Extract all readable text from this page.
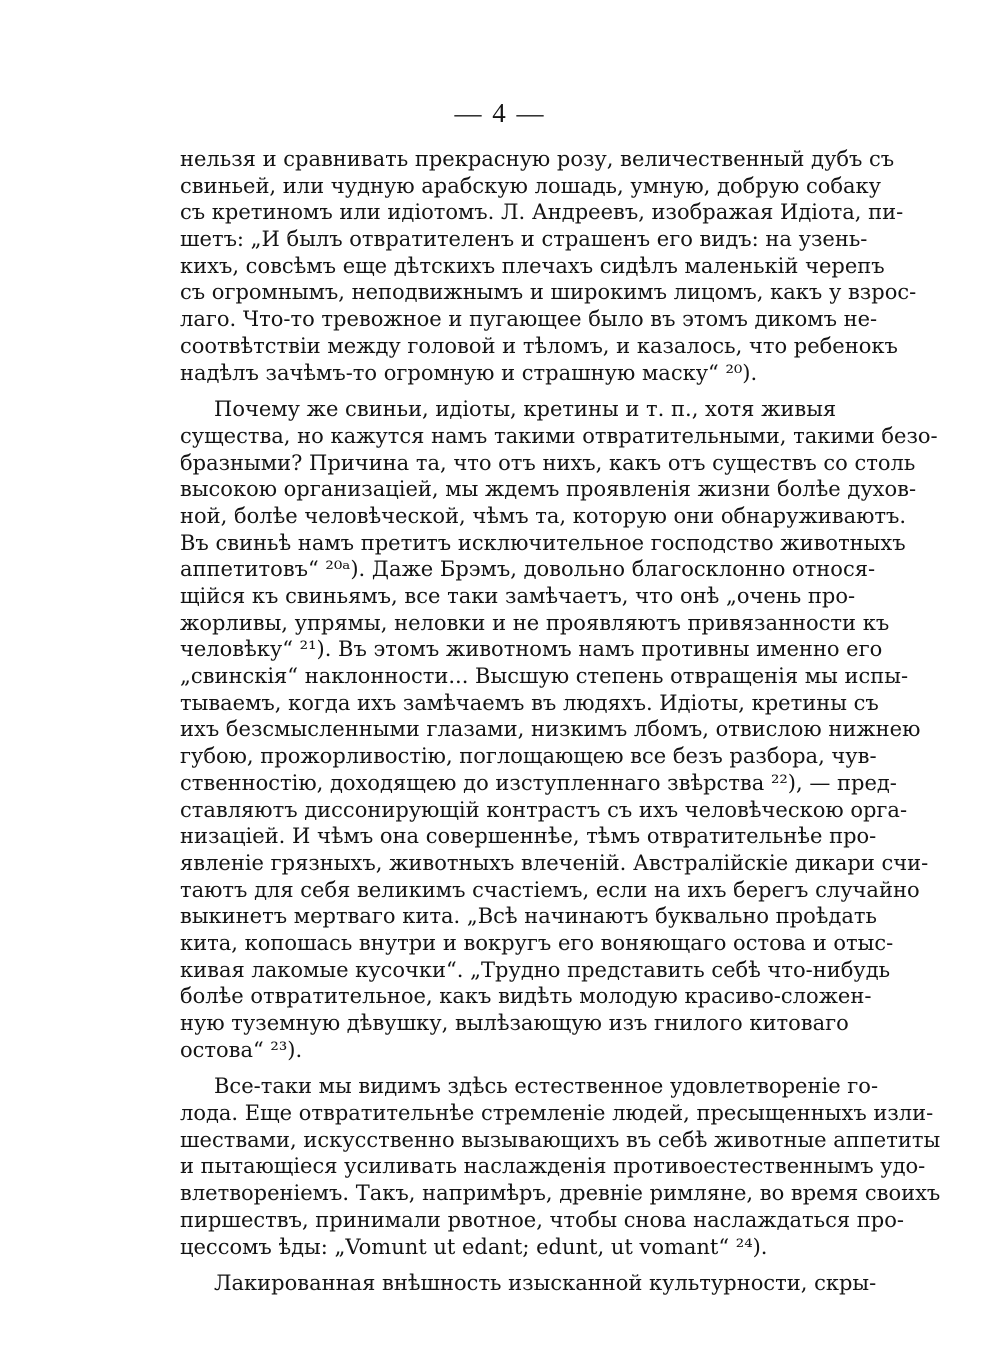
— 4 —
нельзя и сравнивать прекрасную розу, величественный дубъ съ
свиньей, или чудную арабскую лошадь, умную, добрую собаку
съ кретиномъ или идiотомъ. Л. Андреевъ, изображая Идiота, пи-
шетъ: „И былъ отвратителенъ и страшенъ его видъ: на узень-
кихъ, совсѣмъ еще дѣтскихъ плечахъ сидѣлъ маленькiй черепъ
съ огромнымъ, неподвижнымъ и широкимъ лицомъ, какъ у взрос-
лаго. Что-то тревожное и пугающее было въ этомъ дикомъ не-
соотвѣтствiи между головой и тѣломъ, и казалось, что ребенокъ
надѣлъ зачѣмъ-то огромную и страшную маску“ ²⁰).
Почему же свиньи, идiоты, кретины и т. п., хотя живыя
существа, но кажутся намъ такими отвратительными, такими безо-
бразными? Причина та, что отъ нихъ, какъ отъ существъ со столь
высокою организацiей, мы ждемъ проявленiя жизни болѣе духов-
ной, болѣе человѣческой, чѣмъ та, которую они обнаруживаютъ.
Въ свиньѣ намъ претитъ исключительное господство животныхъ
аппетитовъ“ ²⁰ᵃ). Даже Брэмъ, довольно благосклонно относя-
щiйся къ свиньямъ, все таки замѣчаетъ, что онѣ „очень про-
жорливы, упрямы, неловки и не проявляютъ привязанности къ
человѣку“ ²¹). Въ этомъ животномъ намъ противны именно его
„свинскiя“ наклонности... Высшую степень отвращенiя мы испы-
тываемъ, когда ихъ замѣчаемъ въ людяхъ. Идiоты, кретины съ
ихъ безсмысленными глазами, низкимъ лбомъ, отвислою нижнею
губою, прожорливостiю, поглощающею все безъ разбора, чув-
ственностiю, доходящею до изступленнаго звѣрства ²²), — пред-
ставляютъ диссонирующiй контрастъ съ ихъ человѣческою орга-
низацiей. И чѣмъ она совершеннѣе, тѣмъ отвратительнѣе про-
явленiе грязныхъ, животныхъ влеченiй. Австралiйскiе дикари счи-
таютъ для себя великимъ счастiемъ, если на ихъ берегъ случайно
выкинетъ мертваго кита. „Всѣ начинаютъ буквально проѣдать
кита, копошась внутри и вокругъ его воняющаго остова и отыс-
кивая лакомые кусочки“. „Трудно представить себѣ что-нибудь
болѣе отвратительное, какъ видѣть молодую красиво-сложен-
ную туземную дѣвушку, вылѣзающую изъ гнилого китоваго
остова“ ²³).
Все-таки мы видимъ здѣсь естественное удовлетворенiе го-
лода. Еще отвратительнѣе стремленiе людей, пресыщенныхъ изли-
шествами, искусственно вызывающихъ въ себѣ животные аппетиты
и пытающiеся усиливать наслажденiя противоестественнымъ удо-
влетворенiемъ. Такъ, напримѣръ, древнiе римляне, во время своихъ
пиршествъ, принимали рвотное, чтобы снова наслаждаться про-
цессомъ ѣды: „Vomunt ut edant; edunt, ut vomant“ ²⁴).
Лакированная внѣшность изысканной культурности, скры-
